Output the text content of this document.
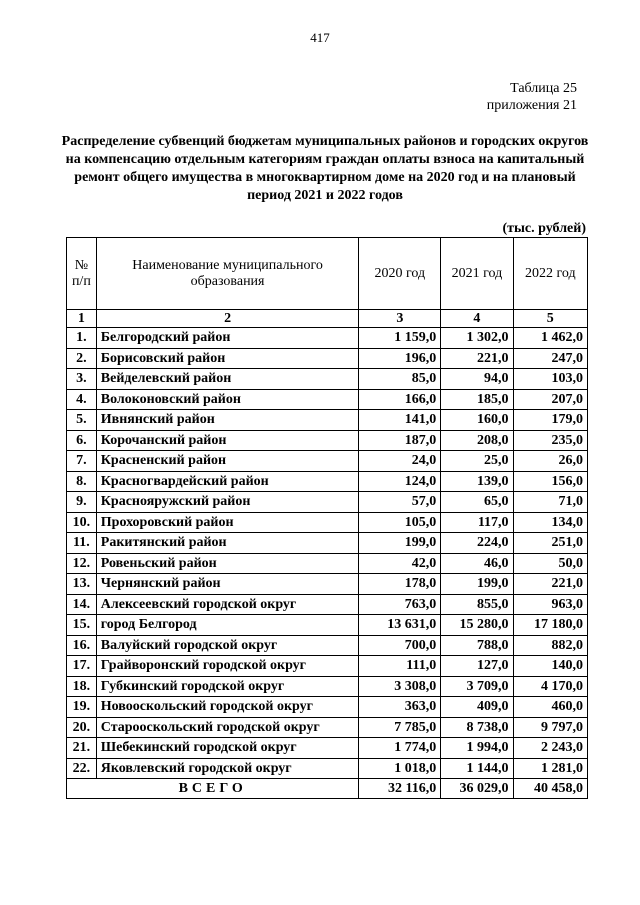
417
Таблица 25
приложения 21
Распределение субвенций бюджетам муниципальных районов и городских округов на компенсацию отдельным категориям граждан оплаты взноса на капитальный ремонт общего имущества в многоквартирном доме на 2020 год и на плановый период 2021 и 2022 годов
(тыс. рублей)
№ п/п	Наименование муниципального образования	2020 год	2021 год	2022 год
1	2	3	4	5
1.	Белгородский район	1 159,0	1 302,0	1 462,0
2.	Борисовский район	196,0	221,0	247,0
3.	Вейделевский район	85,0	94,0	103,0
4.	Волоконовский район	166,0	185,0	207,0
5.	Ивнянский район	141,0	160,0	179,0
6.	Корочанский район	187,0	208,0	235,0
7.	Красненский район	24,0	25,0	26,0
8.	Красногвардейский район	124,0	139,0	156,0
9.	Краснояружский район	57,0	65,0	71,0
10.	Прохоровский район	105,0	117,0	134,0
11.	Ракитянский район	199,0	224,0	251,0
12.	Ровеньский район	42,0	46,0	50,0
13.	Чернянский район	178,0	199,0	221,0
14.	Алексеевский городской округ	763,0	855,0	963,0
15.	город Белгород	13 631,0	15 280,0	17 180,0
16.	Валуйский городской округ	700,0	788,0	882,0
17.	Грайворонский городской округ	111,0	127,0	140,0
18.	Губкинский городской округ	3 308,0	3 709,0	4 170,0
19.	Новооскольский городской округ	363,0	409,0	460,0
20.	Старооскольский городской округ	7 785,0	8 738,0	9 797,0
21.	Шебекинский городской округ	1 774,0	1 994,0	2 243,0
22.	Яковлевский городской округ	1 018,0	1 144,0	1 281,0
ВСЕГО		32 116,0	36 029,0	40 458,0
